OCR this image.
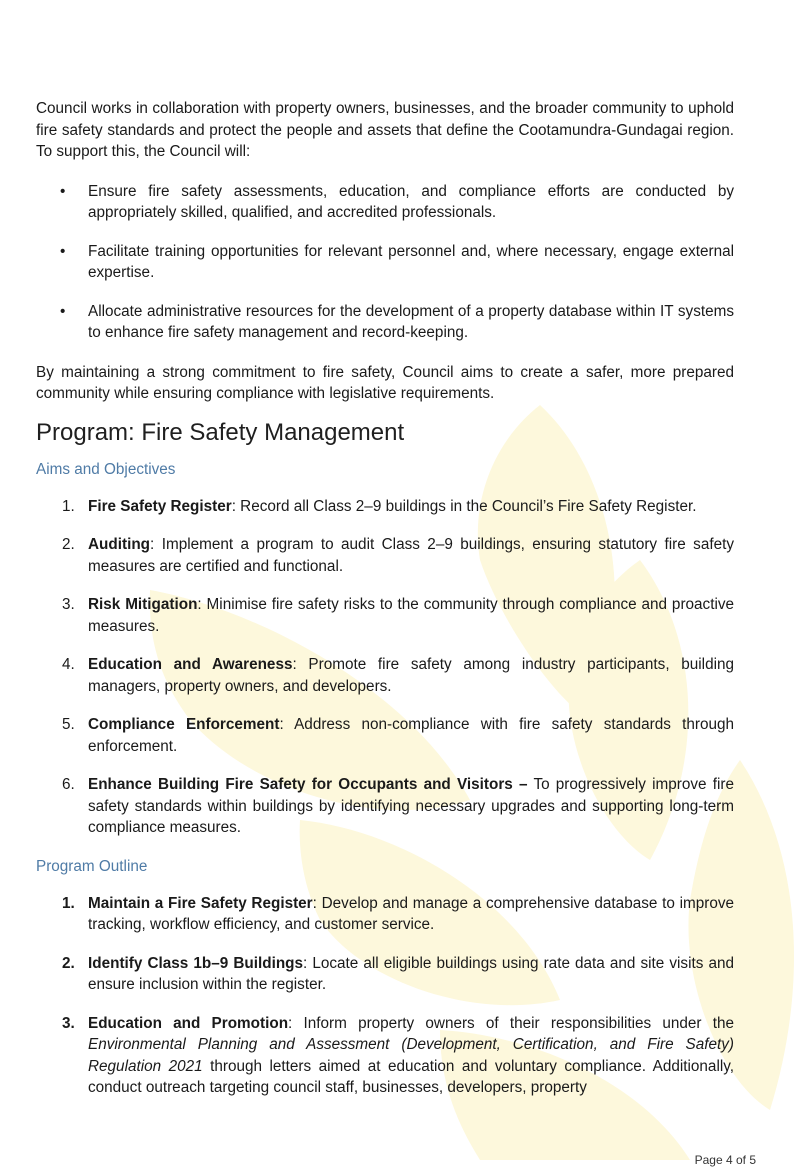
Council works in collaboration with property owners, businesses, and the broader community to uphold fire safety standards and protect the people and assets that define the Cootamundra-Gundagai region. To support this, the Council will:

• Ensure fire safety assessments, education, and compliance efforts are conducted by appropriately skilled, qualified, and accredited professionals.
• Facilitate training opportunities for relevant personnel and, where necessary, engage external expertise.
• Allocate administrative resources for the development of a property database within IT systems to enhance fire safety management and record-keeping.

By maintaining a strong commitment to fire safety, Council aims to create a safer, more prepared community while ensuring compliance with legislative requirements.

Program: Fire Safety Management
Aims and Objectives
1. Fire Safety Register: Record all Class 2–9 buildings in the Council’s Fire Safety Register.
2. Auditing: Implement a program to audit Class 2–9 buildings, ensuring statutory fire safety measures are certified and functional.
3. Risk Mitigation: Minimise fire safety risks to the community through compliance and proactive measures.
4. Education and Awareness: Promote fire safety among industry participants, building managers, property owners, and developers.
5. Compliance Enforcement: Address non-compliance with fire safety standards through enforcement.
6. Enhance Building Fire Safety for Occupants and Visitors – To progressively improve fire safety standards within buildings by identifying necessary upgrades and supporting long-term compliance measures.
Program Outline
1. Maintain a Fire Safety Register: Develop and manage a comprehensive database to improve tracking, workflow efficiency, and customer service.
2. Identify Class 1b–9 Buildings: Locate all eligible buildings using rate data and site visits and ensure inclusion within the register.
3. Education and Promotion: Inform property owners of their responsibilities under the Environmental Planning and Assessment (Development, Certification, and Fire Safety) Regulation 2021 through letters aimed at education and voluntary compliance. Additionally, conduct outreach targeting council staff, businesses, developers, property
Page 4 of 5
